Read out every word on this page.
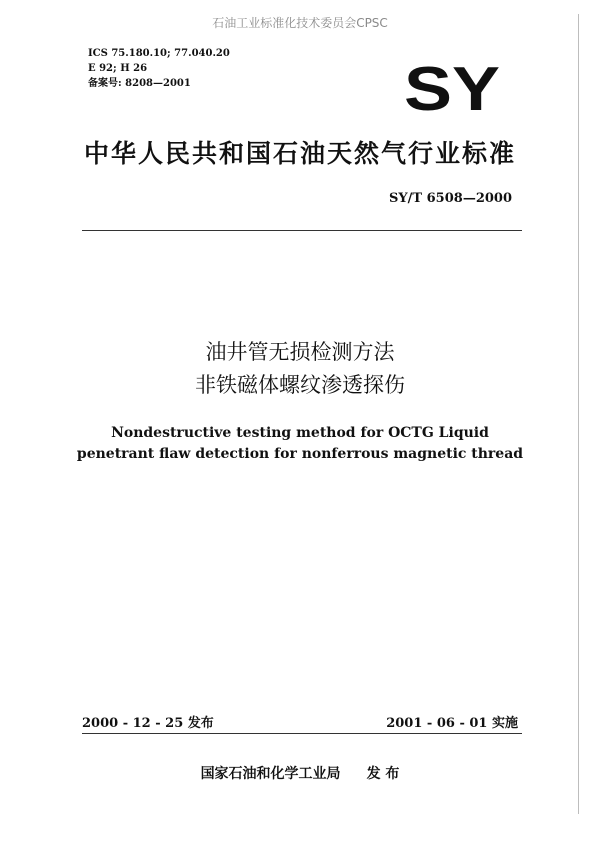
石油工业标准化技术委员会CPSC
ICS 75.180.10; 77.040.20
E 92; H 26
备案号: 8208—2001	SY
中华人民共和国石油天然气行业标准
SY/T 6508—2000
油井管无损检测方法
非铁磁体螺纹渗透探伤
Nondestructive testing method for OCTG Liquid
penetrant flaw detection for nonferrous magnetic thread
2000 - 12 - 25 发布	2001 - 06 - 01 实施
国家石油和化学工业局 发 布
